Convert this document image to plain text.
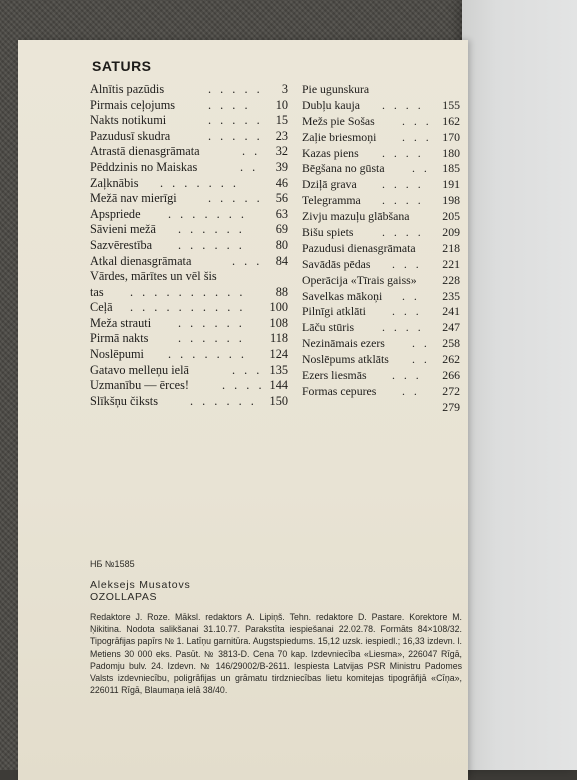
SATURS
Alnītis pazūdis	. . . . . 3
Pirmais ceļojums	. . . . 10
Nakts notikumi	. . . . . 15
Pazudusī skudra	. . . . . 23
Atrastā dienasgrāmata	. . 32
Pēddzinis no Maiskas	. . 39
Zaļknābis . . . . . . .	46
Mežā nav mierīgi	. . . . . 56
Apspriede . . . . . . . 63
Sāvieni mežā . . . . . .	69
Sazvērestība . . . . . .	80
Atkal dienasgrāmata	. . . 84
Vārdes, mārītes un vēl šis
tas . . . . . . . . . . 88
Ceļā . . . . . . . . . . 100
Meža strauti . . . . . . 108
Pirmā nakts . . . . . . 118
Noslēpumi . . . . . . . 124
Gatavo melleņu ielā	. . . 135
Uzmanību — ērces!	. . . . 144
Slīkšņu čiksts	. . . . . . 150
Pie ugunskura
Dubļu kauja . . . . 155
Mežs pie Sošas . . . 162
Zaļie briesmoņi . . . 170
Kazas piens . . . . 180
Bēgšana no gūsta . . 185
Dziļā grava . . . . 191
Telegramma . . . . 198
Zivju mazuļu glābšana	205
Bišu spiets . . . . 209
Pazudusi dienasgrāmata 218
Savādās pēdas . . . 221
Operācija «Tīrais gaiss» 228
Savelkas mākoņi . . 235
Pilnīgi atklāti . . . 241
Lāču stūris . . . . 247
Nezināmais ezers . . 258
Noslēpums atklāts . . 262
Ezers liesmās . . . 266
Formas cepures . . 272
279
НБ №1585
Aleksejs Musatovs
OZOLLAPAS
Redaktore J. Roze. Māksl. redaktors A. Lipiņš. Tehn. redaktore D. Pastare. Korektore M. Ņikitina. Nodota salikšanai 31.10.77. Parakstīta iespiešanai 22.02.78. Formāts 84×108/32. Tipogrāfijas papīrs № 1. Latīņu garnitūra. Augstspiedums. 15,12 uzsk. iespiedl.; 16,33 izdevn. l. Metiens 30 000 eks. Pasūt. № 3813-D. Cena 70 kap. Izdevniecība «Liesma», 226047 Rīgā, Padomju bulv. 24. Izdevn. № 146/29002/B-2611. Iespiesta Latvijas PSR Ministru Padomes Valsts izdevniecību, poligrāfijas un grāmatu tirdzniecības lietu komitejas tipogrāfijā «Cīņa», 226011 Rīgā, Blaumaņa ielā 38/40.
